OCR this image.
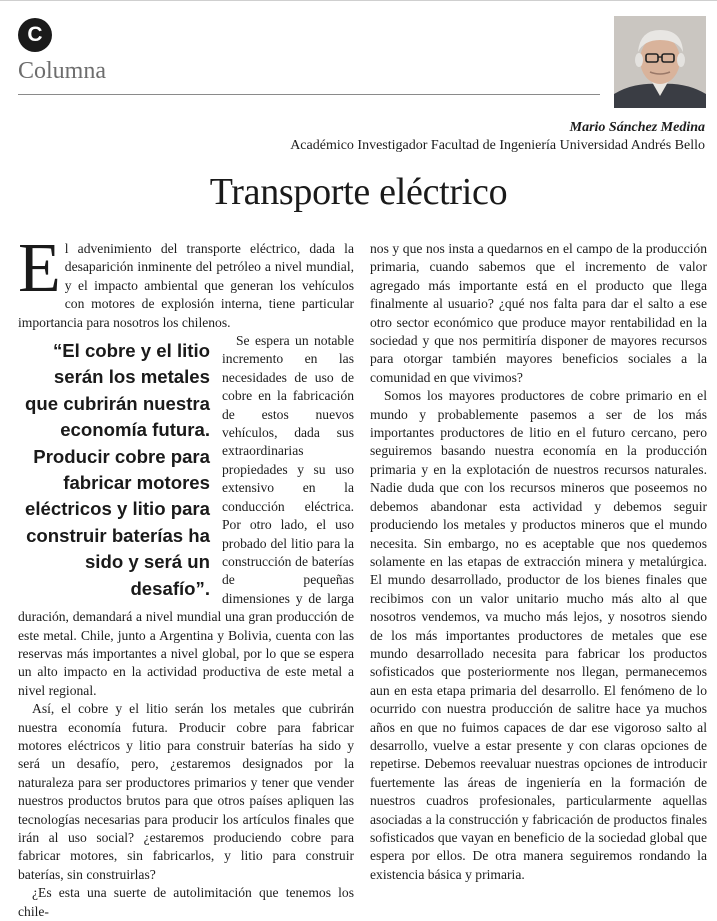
C
Columna
Mario Sánchez Medina
Académico Investigador Facultad de Ingeniería Universidad Andrés Bello
Transporte eléctrico

El advenimiento del transporte eléctrico, dada la desaparición inminente del petróleo a nivel mundial, y el impacto ambiental que generan los vehículos con motores de explosión interna, tiene particular importancia para nosotros los chilenos.

“El cobre y el litio serán los metales que cubrirán nuestra economía futura. Producir cobre para fabricar motores eléctricos y litio para construir baterías ha sido y será un desafío”.
Se espera un notable incremento en las necesidades de uso de cobre en la fabricación de estos nuevos vehículos, dada sus extraordinarias propiedades y su uso extensivo en la conducción eléctrica. Por otro lado, el uso probado del litio para la construcción de baterías de pequeñas dimensiones y de larga duración, demandará a nivel mundial una gran producción de este metal. Chile, junto a Argentina y Bolivia, cuenta con las reservas más importantes a nivel global, por lo que se espera un alto impacto en la actividad productiva de este metal a nivel regional.

Así, el cobre y el litio serán los metales que cubrirán nuestra economía futura. Producir cobre para fabricar motores eléctricos y litio para construir baterías ha sido y será un desafío, pero, ¿estaremos designados por la naturaleza para ser productores primarios y tener que vender nuestros productos brutos para que otros países apliquen las tecnologías necesarias para producir los artículos finales que irán al uso social? ¿estaremos produciendo cobre para fabricar motores, sin fabricarlos, y litio para construir baterías, sin construirlas?

¿Es esta una suerte de autolimitación que tenemos los chile-

nos y que nos insta a quedarnos en el campo de la producción primaria, cuando sabemos que el incremento de valor agregado más importante está en el producto que llega finalmente al usuario? ¿qué nos falta para dar el salto a ese otro sector económico que produce mayor rentabilidad en la sociedad y que nos permitiría disponer de mayores recursos para otorgar también mayores beneficios sociales a la comunidad en que vivimos?

Somos los mayores productores de cobre primario en el mundo y probablemente pasemos a ser de los más importantes productores de litio en el futuro cercano, pero seguiremos basando nuestra economía en la producción primaria y en la explotación de nuestros recursos naturales. Nadie duda que con los recursos mineros que poseemos no debemos abandonar esta actividad y debemos seguir produciendo los metales y productos mineros que el mundo necesita. Sin embargo, no es aceptable que nos quedemos solamente en las etapas de extracción minera y metalúrgica. El mundo desarrollado, productor de los bienes finales que recibimos con un valor unitario mucho más alto al que nosotros vendemos, va mucho más lejos, y nosotros siendo de los más importantes productores de metales que ese mundo desarrollado necesita para fabricar los productos sofisticados que posteriormente nos llegan, permanecemos aun en esta etapa primaria del desarrollo. El fenómeno de lo ocurrido con nuestra producción de salitre hace ya muchos años en que no fuimos capaces de dar ese vigoroso salto al desarrollo, vuelve a estar presente y con claras opciones de repetirse. Debemos reevaluar nuestras opciones de introducir fuertemente las áreas de ingeniería en la formación de nuestros cuadros profesionales, particularmente aquellas asociadas a la construcción y fabricación de productos finales sofisticados que vayan en beneficio de la sociedad global que espera por ellos. De otra manera seguiremos rondando la existencia básica y primaria.
